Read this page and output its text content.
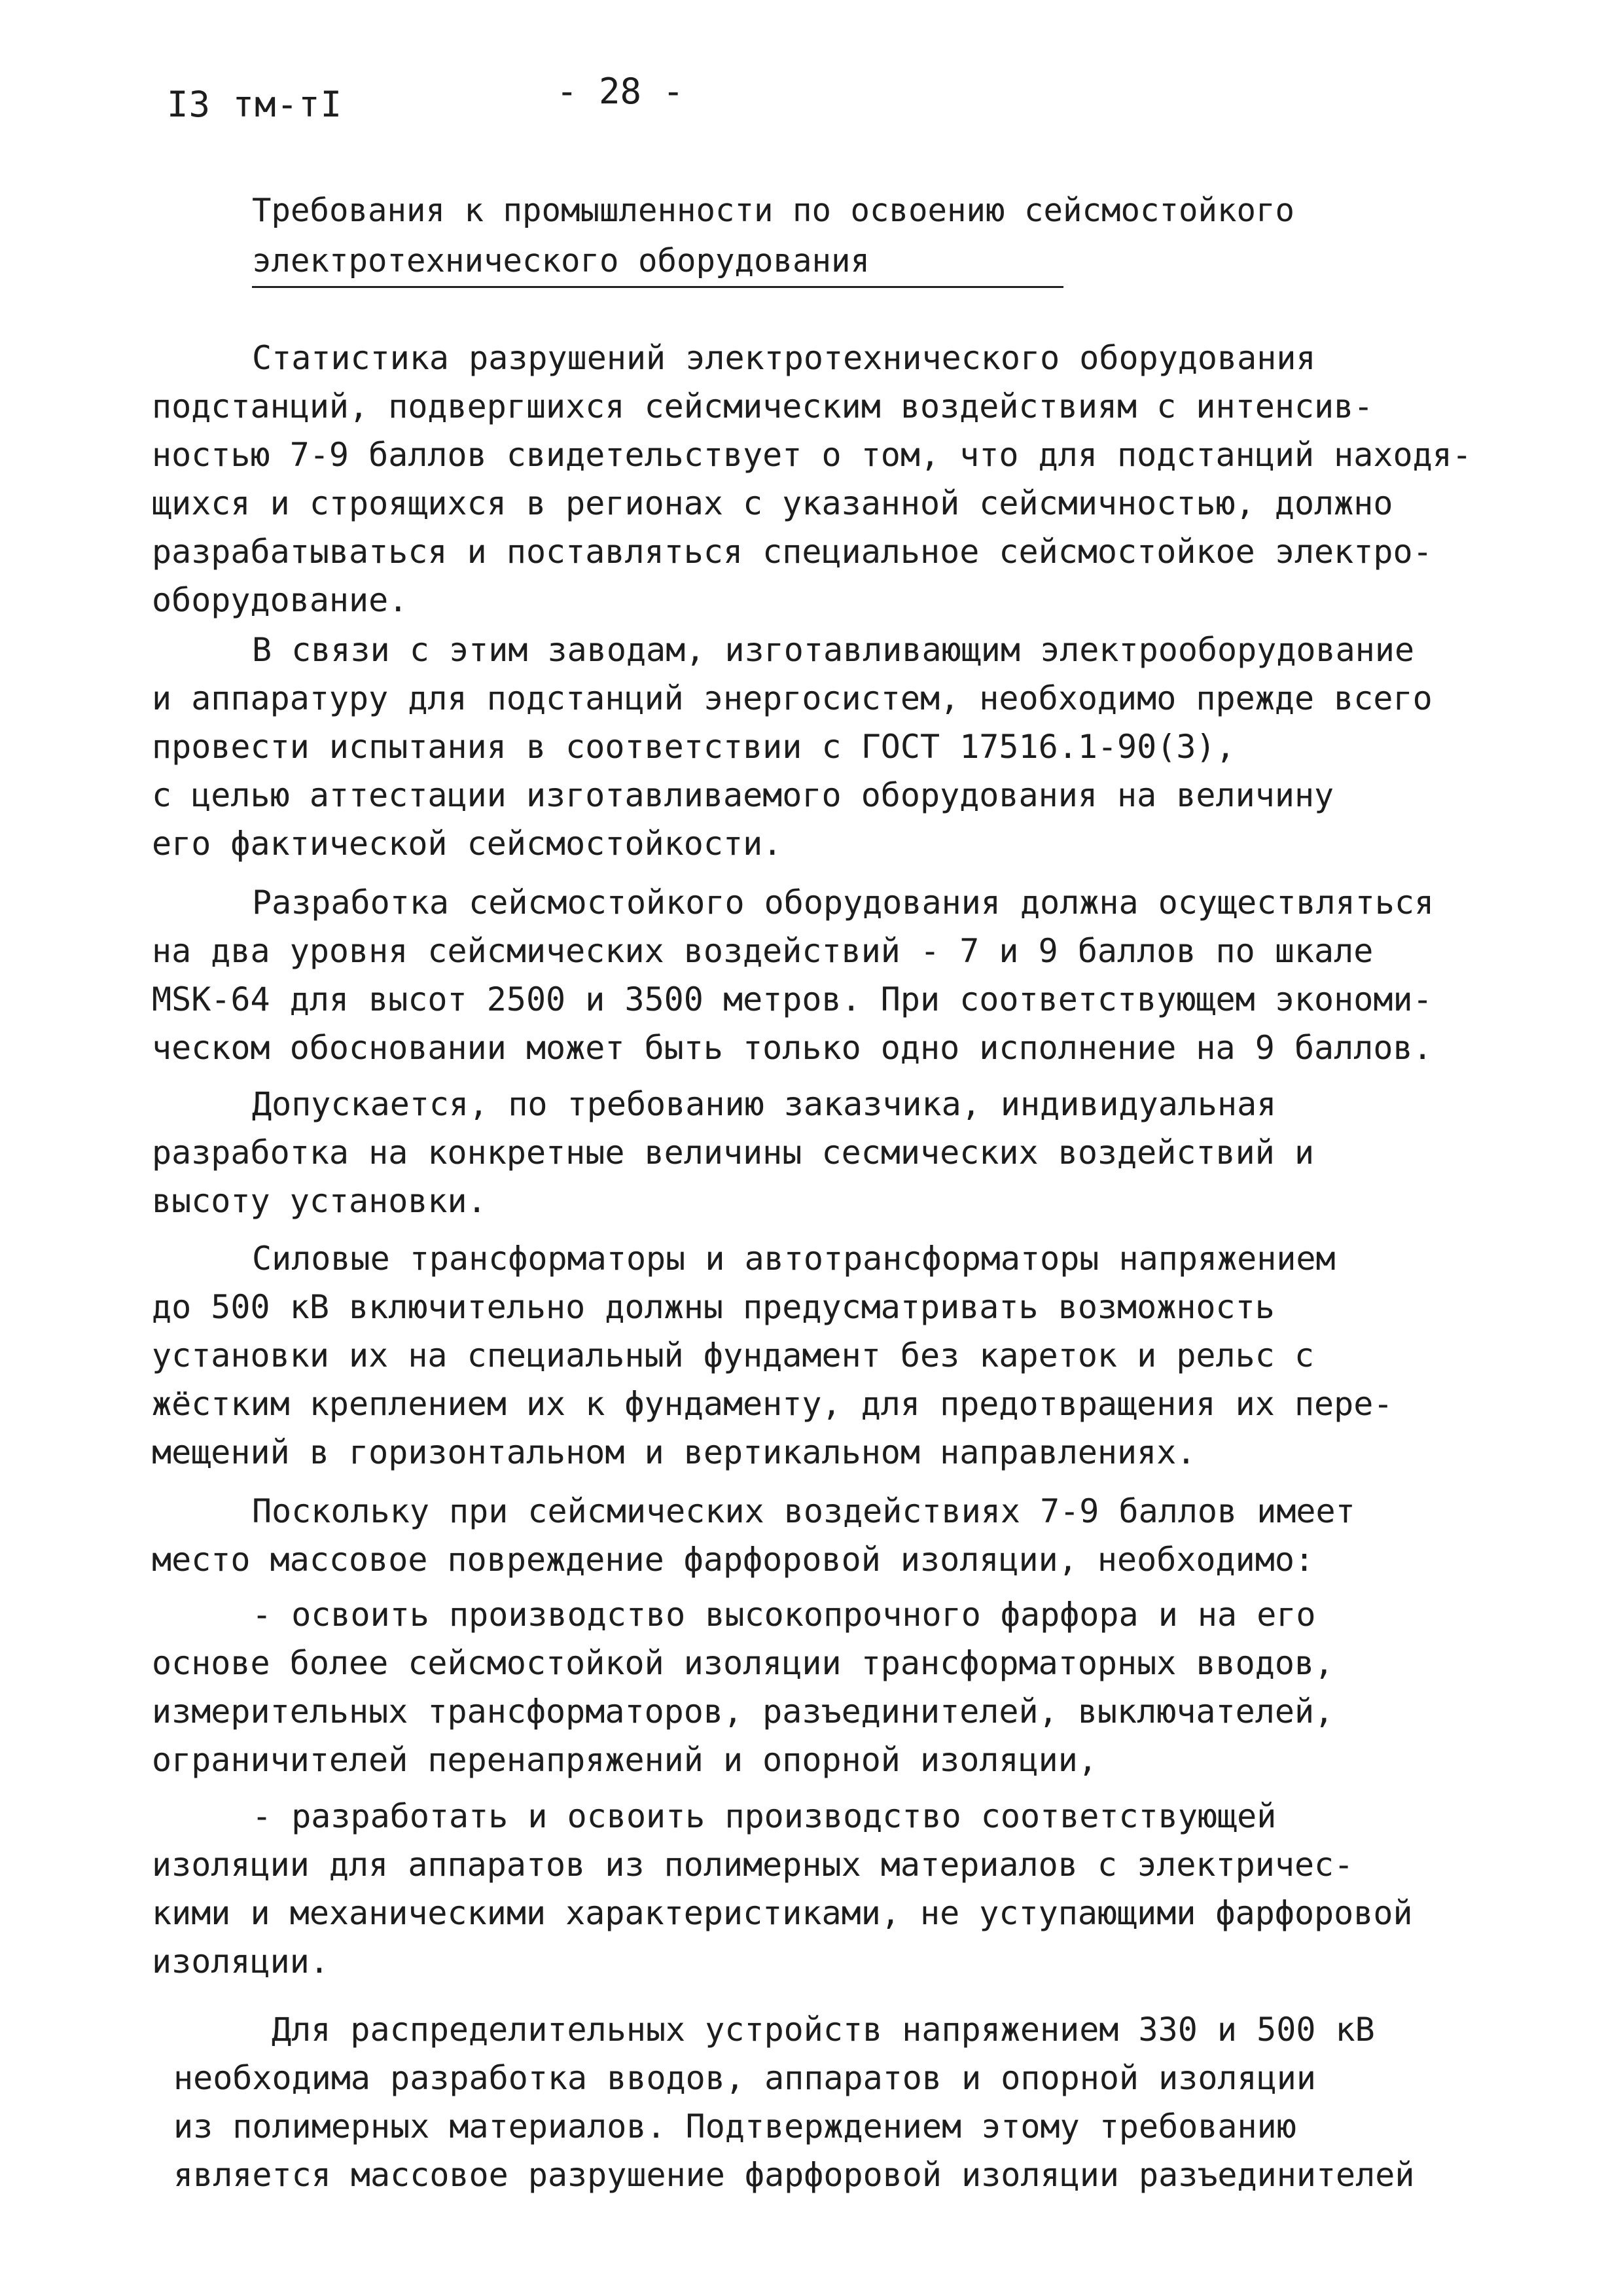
I3 тм-тI	- 28 -
Требования к промышленности по освоению сейсмостойкого
электротехнического оборудования
Статистика разрушений электротехнического оборудования
подстанций, подвергшихся сейсмическим воздействиям с интенсив-
ностью 7-9 баллов свидетельствует о том, что для подстанций находя-
щихся и строящихся в регионах с указанной сейсмичностью, должно
разрабатываться и поставляться специальное сейсмостойкое электро-
оборудование.
В связи с этим заводам, изготавливающим электрооборудование
и аппаратуру для подстанций энергосистем, необходимо прежде всего
провести испытания в соответствии с ГОСТ 17516.1-90(3),
с целью аттестации изготавливаемого оборудования на величину
его фактической сейсмостойкости.
Разработка сейсмостойкого оборудования должна осуществляться
на два уровня сейсмических воздействий - 7 и 9 баллов по шкале
MSK-64 для высот 2500 и 3500 метров. При соответствующем экономи-
ческом обосновании может быть только одно исполнение на 9 баллов.
Допускается, по требованию заказчика, индивидуальная
разработка на конкретные величины сесмических воздействий и
высоту установки.
Силовые трансформаторы и автотрансформаторы напряжением
до 500 кВ включительно должны предусматривать возможность
установки их на специальный фундамент без кареток и рельс с
жёстким креплением их к фундаменту, для предотвращения их пере-
мещений в горизонтальном и вертикальном направлениях.
Поскольку при сейсмических воздействиях 7-9 баллов имеет
место массовое повреждение фарфоровой изоляции, необходимо:
- освоить производство высокопрочного фарфора и на его
основе более сейсмостойкой изоляции трансформаторных вводов,
измерительных трансформаторов, разъединителей, выключателей,
ограничителей перенапряжений и опорной изоляции,
- разработать и освоить производство соответствующей
изоляции для аппаратов из полимерных материалов с электричес-
кими и механическими характеристиками, не уступающими фарфоровой
изоляции.
Для распределительных устройств напряжением 330 и 500 кВ
необходима разработка вводов, аппаратов и опорной изоляции
из полимерных материалов. Подтверждением этому требованию
является массовое разрушение фарфоровой изоляции разъединителей
